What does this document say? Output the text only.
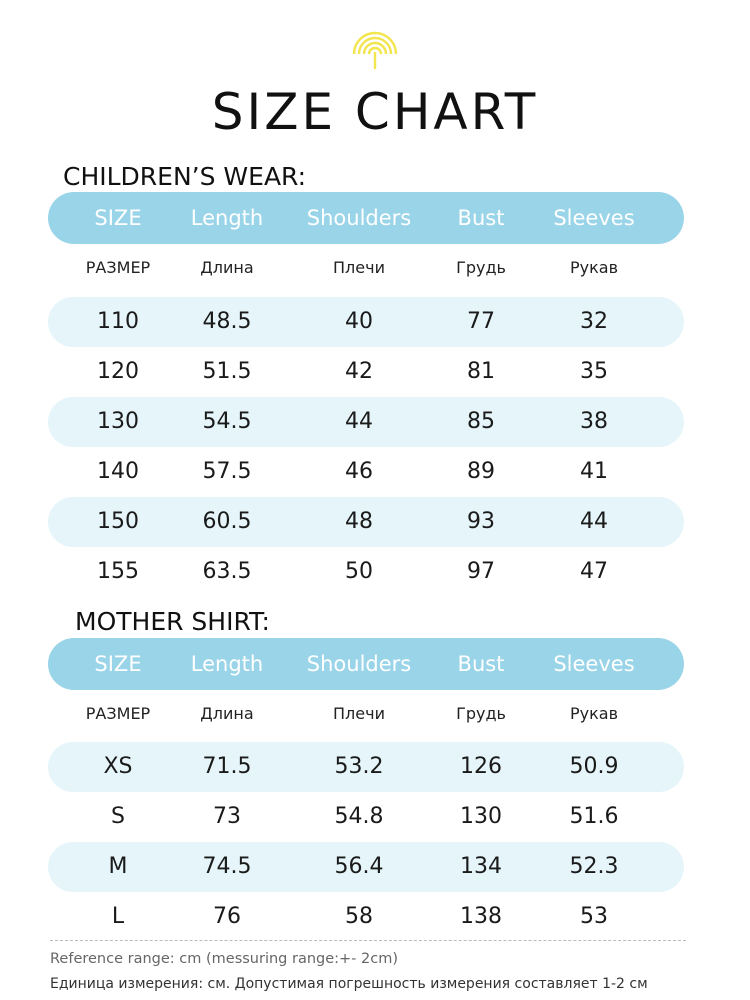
SIZE CHART
CHILDREN’S WEAR:
SIZE	Length	Shoulders	Bust	Sleeves
РАЗМЕР	Длина	Плечи	Грудь	Рукав
110	48.5	40	77	32
120	51.5	42	81	35
130	54.5	44	85	38
140	57.5	46	89	41
150	60.5	48	93	44
155	63.5	50	97	47
MOTHER SHIRT:
SIZE	Length	Shoulders	Bust	Sleeves
РАЗМЕР	Длина	Плечи	Грудь	Рукав
XS	71.5	53.2	126	50.9
S	73	54.8	130	51.6
M	74.5	56.4	134	52.3
L	76	58	138	53
Reference range: cm (messuring range:+- 2cm)
Единица измерения: см. Допустимая погрешность измерения составляет 1-2 см
